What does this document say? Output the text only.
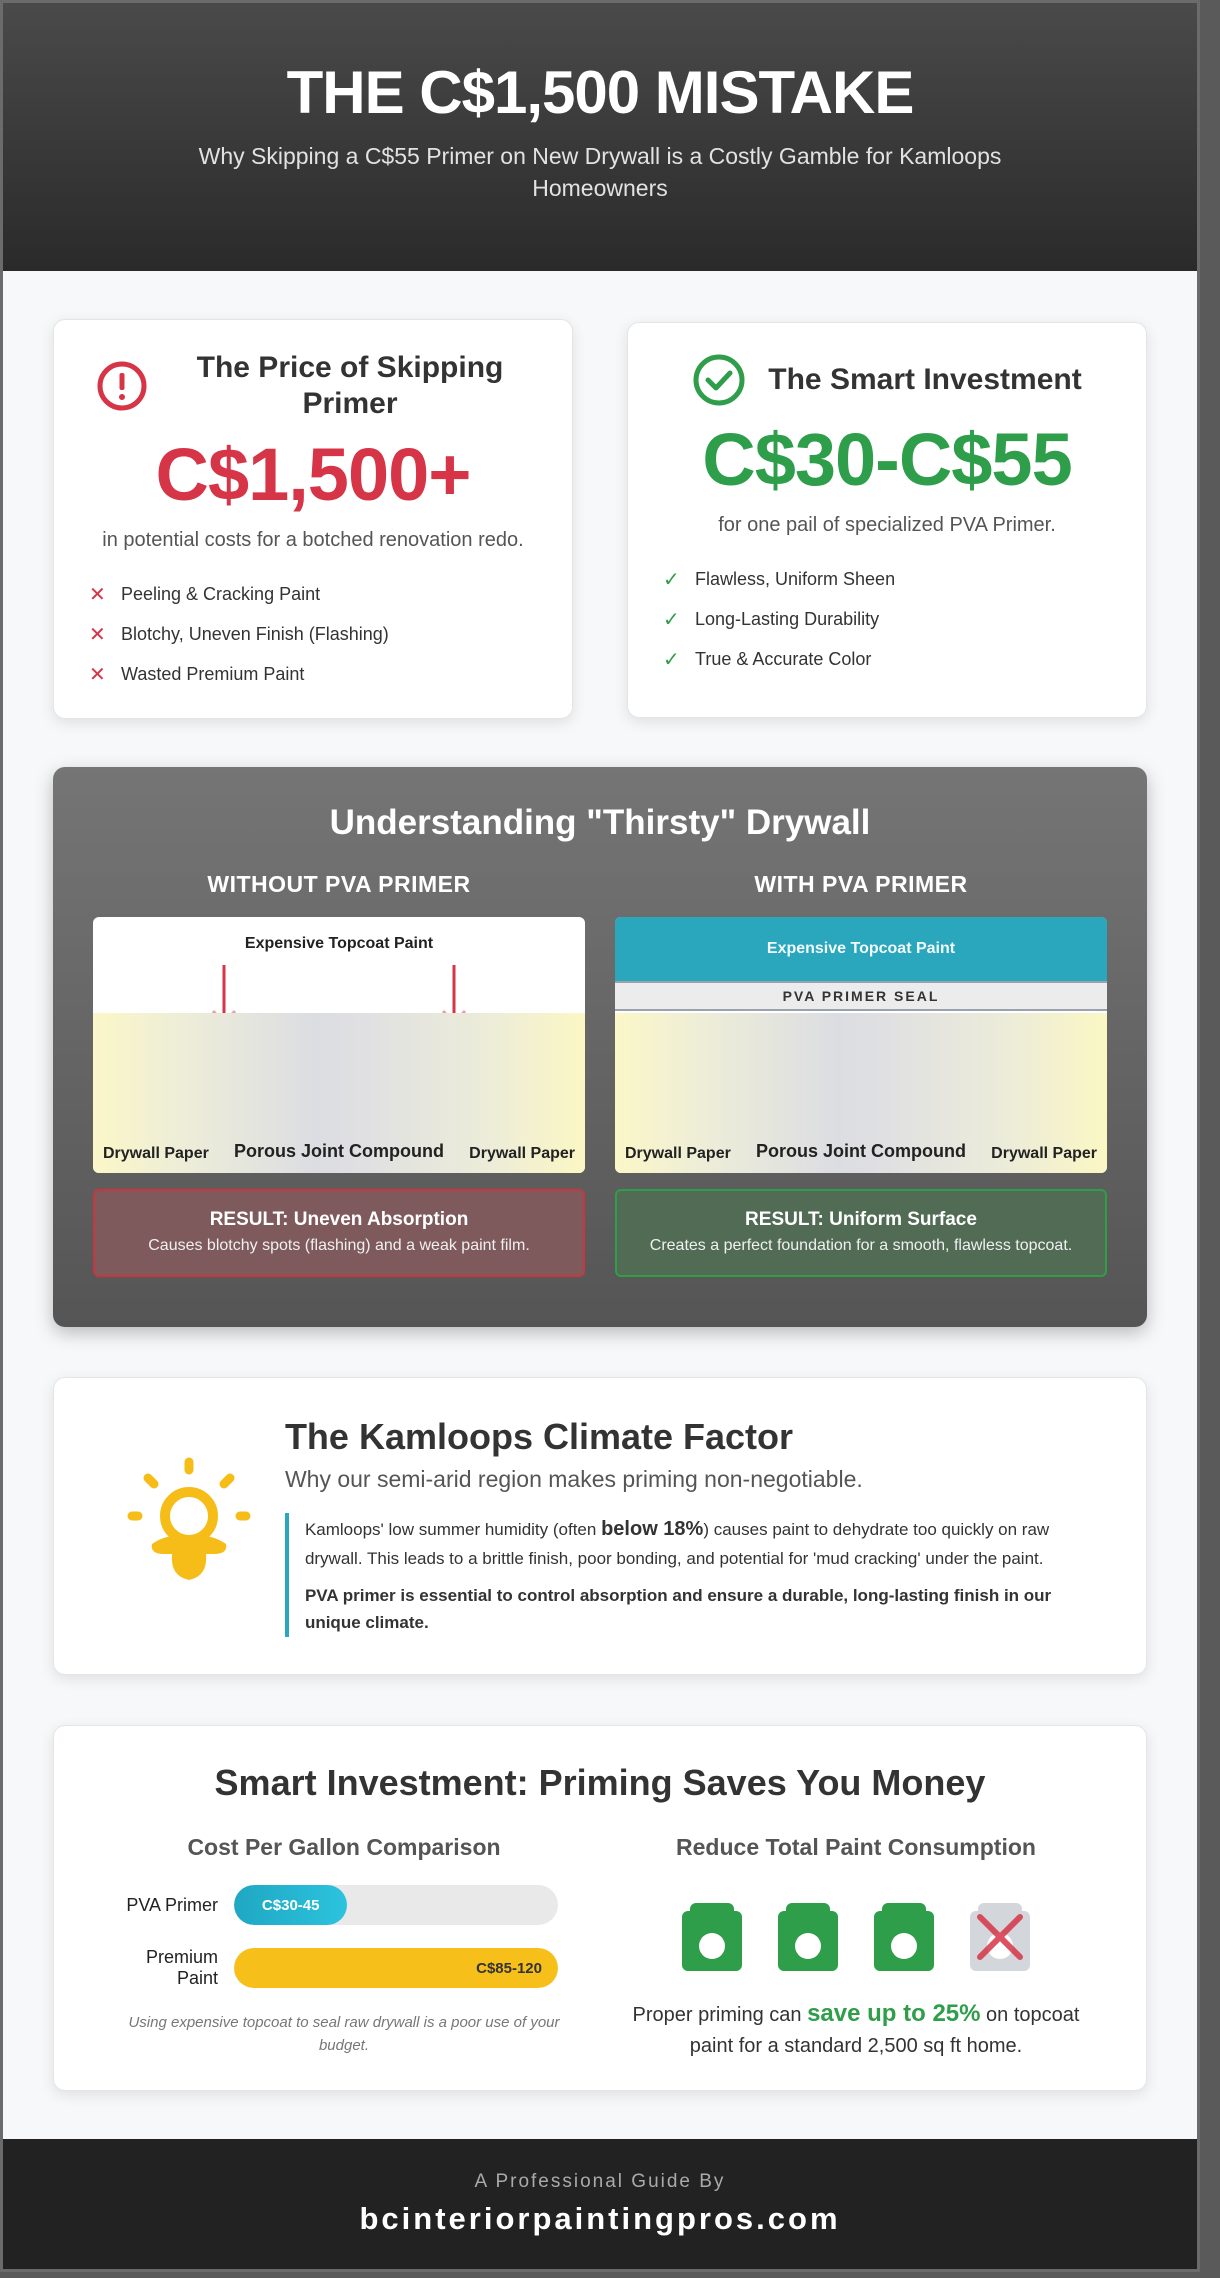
THE C$1,500 MISTAKE

Why Skipping a C$55 Primer on New Drywall is a Costly Gamble for Kamloops Homeowners

The Price of Skipping Primer
C$1,500+
in potential costs for a botched renovation redo.
✕ Peeling & Cracking Paint
✕ Blotchy, Uneven Finish (Flashing)
✕ Wasted Premium Paint
The Smart Investment
C$30-C$55
for one pail of specialized PVA Primer.
✓ Flawless, Uniform Sheen
✓ Long-Lasting Durability
✓ True & Accurate Color
Understanding "Thirsty" Drywall
WITHOUT PVA PRIMER
Expensive Topcoat Paint
Drywall Paper	Porous Joint Compound	Drywall Paper
RESULT: Uneven Absorption
Causes blotchy spots (flashing) and a weak paint film.
WITH PVA PRIMER
Expensive Topcoat Paint
PVA PRIMER SEAL
Drywall Paper	Porous Joint Compound	Drywall Paper
RESULT: Uniform Surface
Creates a perfect foundation for a smooth, flawless topcoat.
The Kamloops Climate Factor
Why our semi-arid region makes priming non-negotiable.

Kamloops' low summer humidity (often below 18%) causes paint to dehydrate too quickly on raw drywall. This leads to a brittle finish, poor bonding, and potential for 'mud cracking' under the paint.

PVA primer is essential to control absorption and ensure a durable, long-lasting finish in our unique climate.

Smart Investment: Priming Saves You Money
Cost Per Gallon Comparison
PVA Primer	C$30-45
Premium Paint	C$85-120
Using expensive topcoat to seal raw drywall is a poor use of your budget.
Reduce Total Paint Consumption
Proper priming can save up to 25% on topcoat paint for a standard 2,500 sq ft home.
A Professional Guide By
bcinteriorpaintingpros.com
